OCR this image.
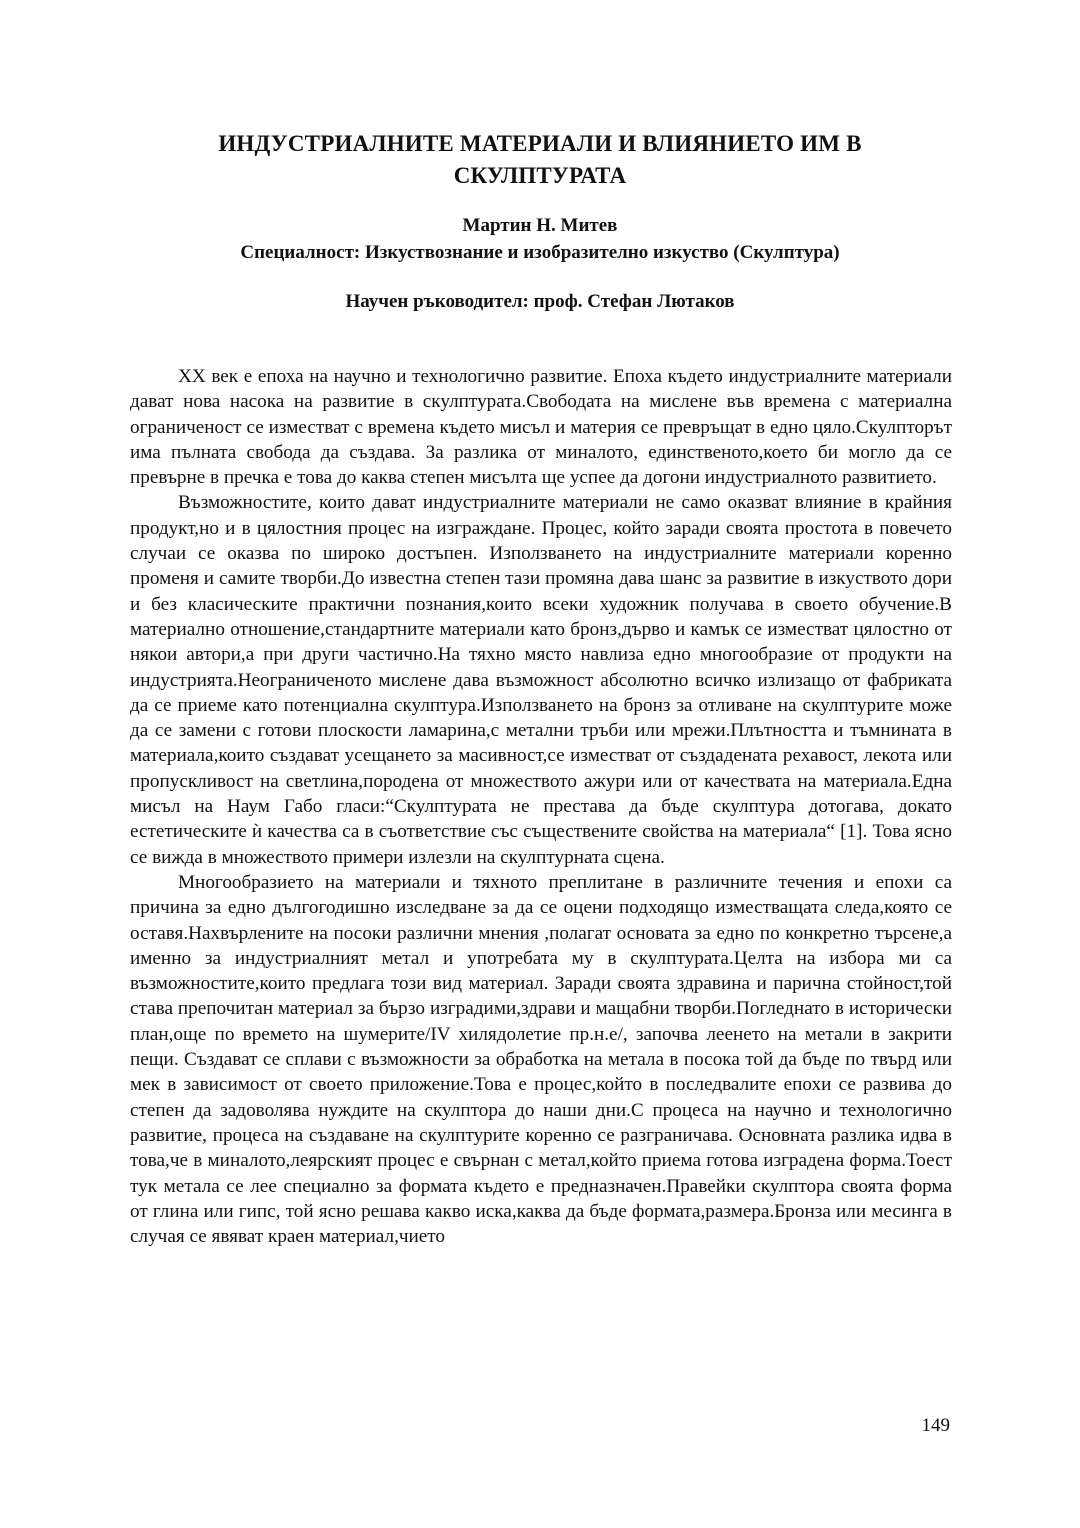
ИНДУСТРИАЛНИТЕ МАТЕРИАЛИ И ВЛИЯНИЕТО ИМ В
СКУЛПТУРАТА
Мартин Н. Митев
Специалност: Изкуствознание и изобразително изкуство (Скулптура)
Научен ръководител: проф. Стефан Лютаков

XX век е епоха на научно и технологично развитие. Епоха където индустриалните материали дават нова насока на развитие в скулптурата.Свободата на мислене във времена с материална ограниченост се изместват с времена където мисъл и материя се превръщат в едно цяло.Скулпторът има пълната свобода да създава. За разлика от миналото, единственото,което би могло да се превърне в пречка е това до каква степен мисълта ще успее да догони индустриалното развитието.

Възможностите, които дават индустриалните материали не само оказват влияние в крайния продукт,но и в цялостния процес на изграждане. Процес, който заради своята простота в повечето случаи се оказва по широко достъпен. Използването на индустриалните материали коренно променя и самите творби.До известна степен тази промяна дава шанс за развитие в изкуството дори и без класическите практични познания,които всеки художник получава в своето обучение.В материално отношение,стандартните материали като бронз,дърво и камък се изместват цялостно от някои автори,а при други частично.На тяхно място навлиза едно многообразие от продукти на индустрията.Неограниченото мислене дава възможност абсолютно всичко излизащо от фабриката да се приеме като потенциална скулптура.Използването на бронз за отливане на скулптурите може да се замени с готови плоскости ламарина,с метални тръби или мрежи.Плътността и тъмнината в материала,които създават усещането за масивност,се изместват от създадената рехавост, лекота или пропускливост на светлина,породена от множеството ажури или от качествата на материала.Една мисъл на Наум Габо гласи:“Скулптурата не престава да бъде скулптура дотогава, докато естетическите ѝ качества са в съответствие със съществените свойства на материала“ [1]. Това ясно се вижда в множеството примери излезли на скулптурната сцена.

Многообразието на материали и тяхното преплитане в различните течения и епохи са причина за едно дългогодишно изследване за да се оцени подходящо изместващата следа,която се оставя.Нахвърлените на посоки различни мнения ,полагат основата за едно по конкретно търсене,а именно за индустриалният метал и употребата му в скулптурата.Целта на избора ми са възможностите,които предлага този вид материал. Заради своята здравина и парична стойност,той става препочитан материал за бързо изградими,здрави и мащабни творби.Погледнато в исторически план,още по времето на шумерите/IV хилядолетие пр.н.е/, започва леенето на метали в закрити пещи. Създават се сплави с възможности за обработка на метала в посока той да бъде по твърд или мек в зависимост от своето приложение.Това е процес,който в последвалите епохи се развива до степен да задоволява нуждите на скулптора до наши дни.С процеса на научно и технологично развитие, процеса на създаване на скулптурите коренно се разграничава. Основната разлика идва в това,че в миналото,леярският процес е свърнан с метал,който приема готова изградена форма.Тоест тук метала се лее специално за формата където е предназначен.Правейки скулптора своята форма от глина или гипс, той ясно решава какво иска,каква да бъде формата,размера.Бронза или месинга в случая се явяват краен материал,чието

149
